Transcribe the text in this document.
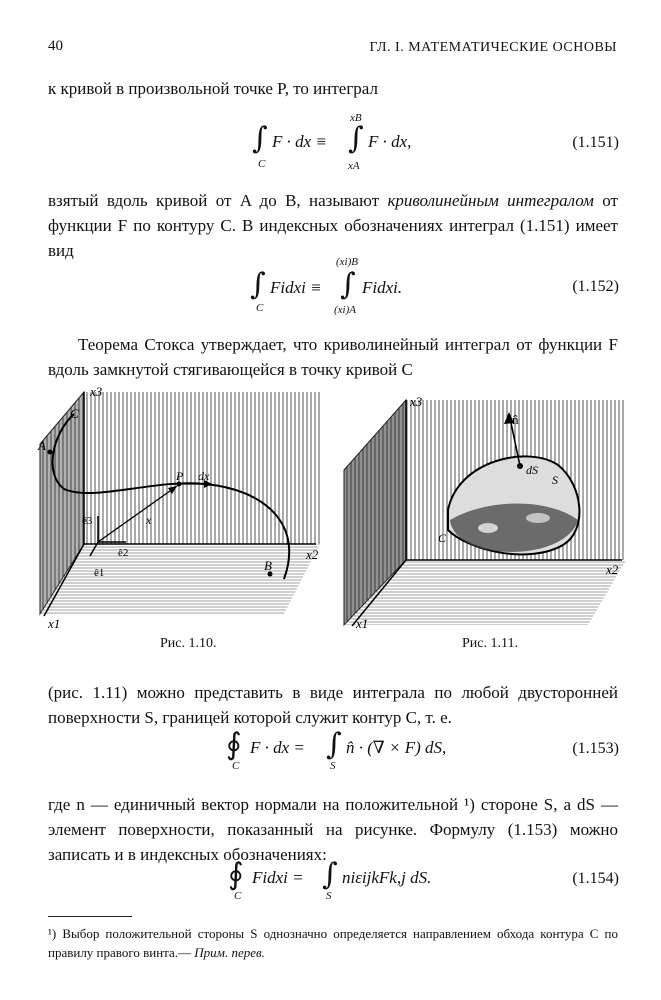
40	ГЛ. I. МАТЕМАТИЧЕСКИЕ ОСНОВЫ
к кривой в произвольной точке P, то интеграл
∫
C
F · dx ≡
xB
∫
xA
F · dx,	(1.151)
взятый вдоль кривой от A до B, называют криволинейным интегралом от функции F по контуру C. В индексных обозначениях интеграл (1.151) имеет вид
∫
C
Fidxi ≡
(xi)B
∫
(xi)A
Fidxi.	(1.152)
Теорема Стокса утверждает, что криволинейный интеграл от функции F вдоль замкнутой стягивающейся в точку кривой C
x3
x2
x1
A
C
P dx
x
B
ê3
ê2
ê1
Рис. 1.10.
n̂
dS
S
C
x3
x2
x1
Рис. 1.11.
(рис. 1.11) можно представить в виде интеграла по любой двусторонней поверхности S, границей которой служит контур C, т. е.
∮
C
F · dx = ∫
S
n̂ · (∇ × F) dS,	(1.153)
где n — единичный вектор нормали на положительной ¹) стороне S, а dS — элемент поверхности, показанный на рисунке. Формулу (1.153) можно записать и в индексных обозначениях:
∮
C
Fidxi = ∫
S
niεijkFk,j dS.	(1.154)
¹) Выбор положительной стороны S однозначно определяется направлением обхода контура C по правилу правого винта.— Прим. перев.
